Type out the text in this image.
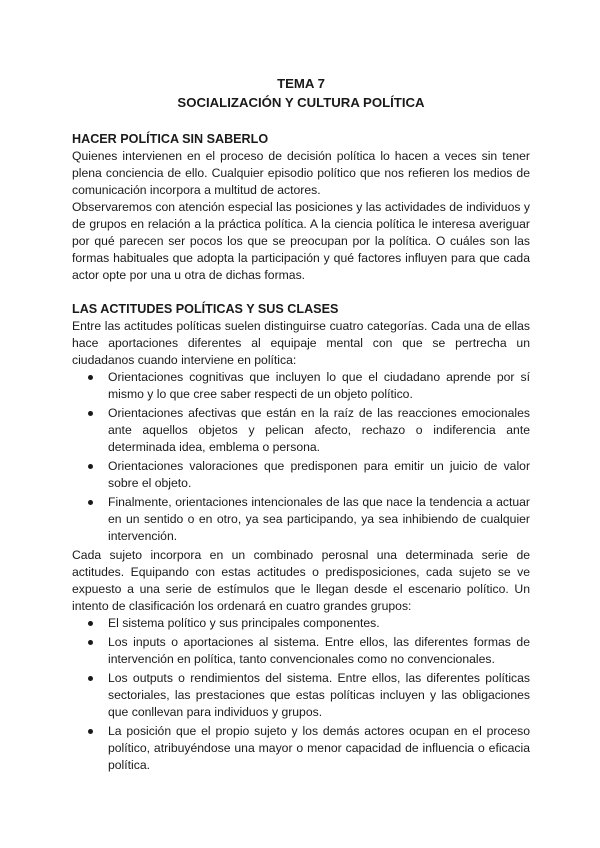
TEMA 7
SOCIALIZACIÓN Y CULTURA POLÍTICA
HACER POLÍTICA SIN SABERLO

Quienes intervienen en el proceso de decisión política lo hacen a veces sin tener plena conciencia de ello. Cualquier episodio político que nos refieren los medios de comunicación incorpora a multitud de actores.

Observaremos con atención especial las posiciones y las actividades de individuos y de grupos en relación a la práctica política. A la ciencia política le interesa averiguar por qué parecen ser pocos los que se preocupan por la política. O cuáles son las formas habituales que adopta la participación y qué factores influyen para que cada actor opte por una u otra de dichas formas.

LAS ACTITUDES POLÍTICAS Y SUS CLASES

Entre las actitudes políticas suelen distinguirse cuatro categorías. Cada una de ellas hace aportaciones diferentes al equipaje mental con que se pertrecha un ciudadanos cuando interviene en política:

Orientaciones cognitivas que incluyen lo que el ciudadano aprende por sí mismo y lo que cree saber respecti de un objeto político.
Orientaciones afectivas que están en la raíz de las reacciones emocionales ante aquellos objetos y pelican afecto, rechazo o indiferencia ante determinada idea, emblema o persona.
Orientaciones valoraciones que predisponen para emitir un juicio de valor sobre el objeto.
Finalmente, orientaciones intencionales de las que nace la tendencia a actuar en un sentido o en otro, ya sea participando, ya sea inhibiendo de cualquier intervención.

Cada sujeto incorpora en un combinado perosnal una determinada serie de actitudes. Equipando con estas actitudes o predisposiciones, cada sujeto se ve expuesto a una serie de estímulos que le llegan desde el escenario político. Un intento de clasificación los ordenará en cuatro grandes grupos:

El sistema político y sus principales componentes.
Los inputs o aportaciones al sistema. Entre ellos, las diferentes formas de intervención en política, tanto convencionales como no convencionales.
Los outputs o rendimientos del sistema. Entre ellos, las diferentes políticas sectoriales, las prestaciones que estas políticas incluyen y las obligaciones que conllevan para individuos y grupos.
La posición que el propio sujeto y los demás actores ocupan en el proceso político, atribuyéndose una mayor o menor capacidad de influencia o eficacia política.
